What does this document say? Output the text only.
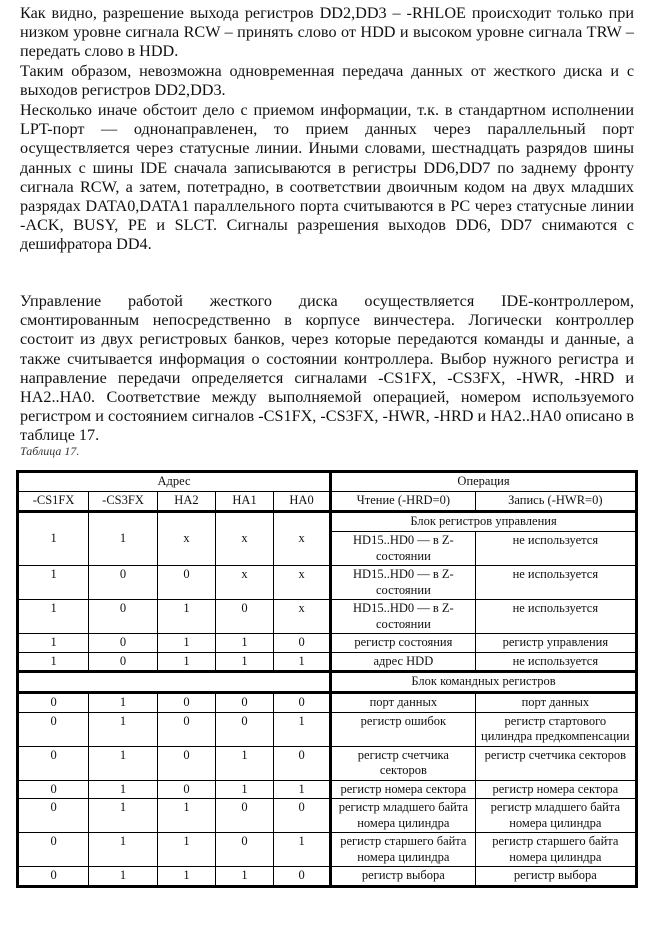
Как видно, разрешение выхода регистров DD2,DD3 – -RHLOE происходит только при низком уровне сигнала RCW – принять слово от HDD и высоком уровне сигнала TRW – передать слово в HDD.

Таким образом, невозможна одновременная передача данных от жесткого диска и с выходов регистров DD2,DD3.

Несколько иначе обстоит дело с приемом информации, т.к. в стандартном исполнении LPT-порт — однонаправленен, то прием данных через параллельный порт осуществляется через статусные линии. Иными словами, шестнадцать разрядов шины данных с шины IDE сначала записываются в регистры DD6,DD7 по заднему фронту сигнала RCW, а затем, потетрадно, в соответствии двоичным кодом на двух младших разрядах DATA0,DATA1 параллельного порта считываются в PC через статусные линии -ACK, BUSY, PE и SLCT. Сигналы разрешения выходов DD6, DD7 снимаются с дешифратора DD4.

Управление работой жесткого диска осуществляется IDE-контроллером, смонтированным непосредственно в корпусе винчестера. Логически контроллер состоит из двух регистровых банков, через которые передаются команды и данные, а также считывается информация о состоянии контроллера. Выбор нужного регистра и направление передачи определяется сигналами -CS1FX, -CS3FX, -HWR, -HRD и HA2..HA0. Соответствие между выполняемой операцией, номером используемого регистром и состоянием сигналов -CS1FX, -CS3FX, -HWR, -HRD и HA2..HA0 описано в таблице 17.

Таблица 17.
Адрес					Операция	
-CS1FX	-CS3FX	HA2	HA1	HA0	Чтение (-HRD=0)	Запись (-HWR=0)
1	1	x	x	x	Блок регистров управления	
					HD15..HD0 — в Z-состоянии	не используется
1	0	0	x	x	HD15..HD0 — в Z-состоянии	не используется
1	0	1	0	x	HD15..HD0 — в Z-состоянии	не используется
1	0	1	1	0	регистр состояния	регистр управления
1	0	1	1	1	адрес HDD	не используется
					Блок командных регистров	
0	1	0	0	0	порт данных	порт данных
0	1	0	0	1	регистр ошибок	регистр стартового цилиндра предкомпенсации
0	1	0	1	0	регистр счетчика секторов	регистр счетчика секторов
0	1	0	1	1	регистр номера сектора	регистр номера сектора
0	1	1	0	0	регистр младшего байта номера цилиндра	регистр младшего байта номера цилиндра
0	1	1	0	1	регистр старшего байта номера цилиндра	регистр старшего байта номера цилиндра
0	1	1	1	0	регистр выбора	регистр выбора
